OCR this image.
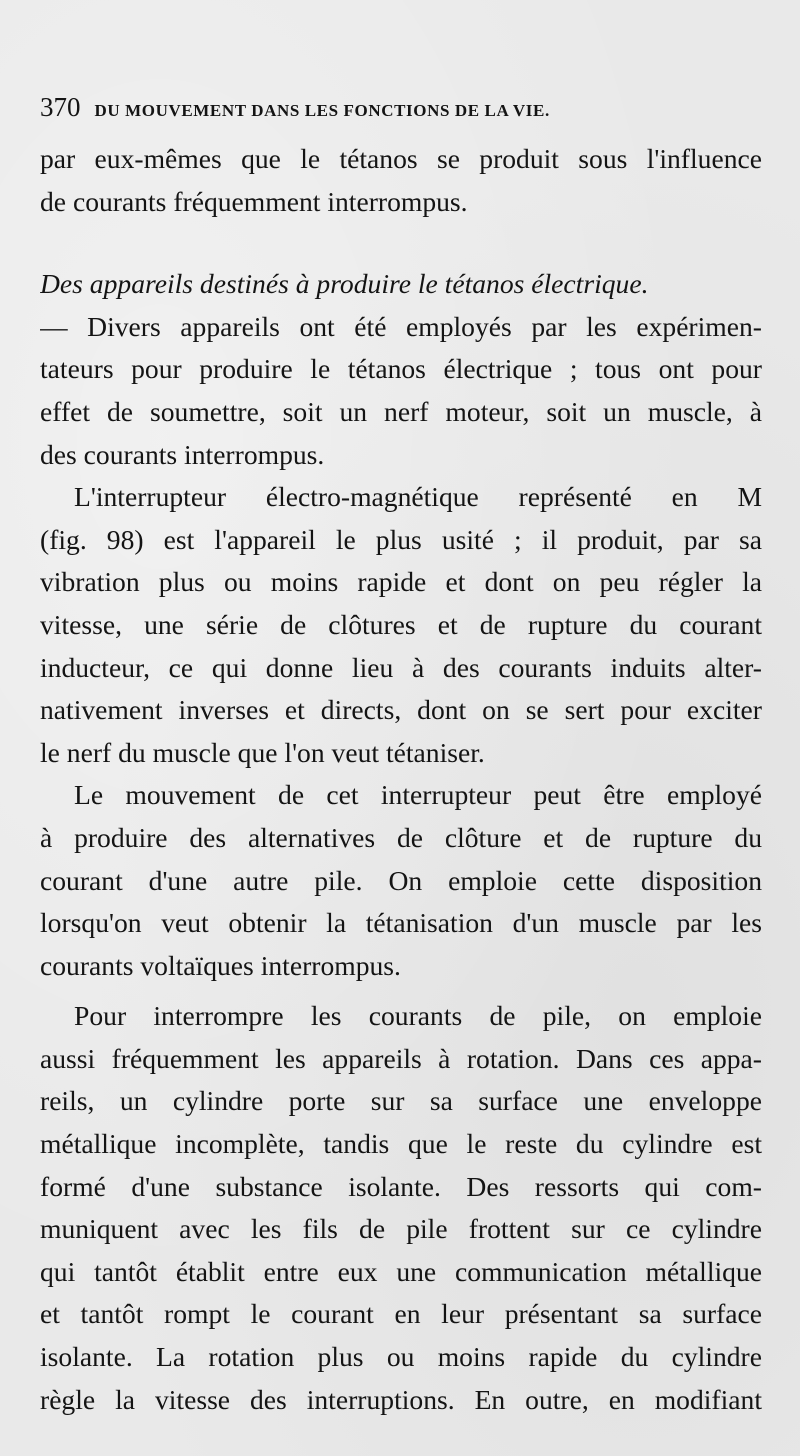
370 DU MOUVEMENT DANS LES FONCTIONS DE LA VIE.
par eux-mêmes que le tétanos se produit sous l'influence
de courants fréquemment interrompus.
Des appareils destinés à produire le tétanos électrique.
— Divers appareils ont été employés par les expérimen-
tateurs pour produire le tétanos électrique ; tous ont pour
effet de soumettre, soit un nerf moteur, soit un muscle, à
des courants interrompus.
L'interrupteur électro-magnétique représenté en M
(fig. 98) est l'appareil le plus usité ; il produit, par sa
vibration plus ou moins rapide et dont on peu régler la
vitesse, une série de clôtures et de rupture du courant
inducteur, ce qui donne lieu à des courants induits alter-
nativement inverses et directs, dont on se sert pour exciter
le nerf du muscle que l'on veut tétaniser.
Le mouvement de cet interrupteur peut être employé
à produire des alternatives de clôture et de rupture du
courant d'une autre pile. On emploie cette disposition
lorsqu'on veut obtenir la tétanisation d'un muscle par les
courants voltaïques interrompus.
Pour interrompre les courants de pile, on emploie
aussi fréquemment les appareils à rotation. Dans ces appa-
reils, un cylindre porte sur sa surface une enveloppe
métallique incomplète, tandis que le reste du cylindre est
formé d'une substance isolante. Des ressorts qui com-
muniquent avec les fils de pile frottent sur ce cylindre
qui tantôt établit entre eux une communication métallique
et tantôt rompt le courant en leur présentant sa surface
isolante. La rotation plus ou moins rapide du cylindre
règle la vitesse des interruptions. En outre, en modifiant
